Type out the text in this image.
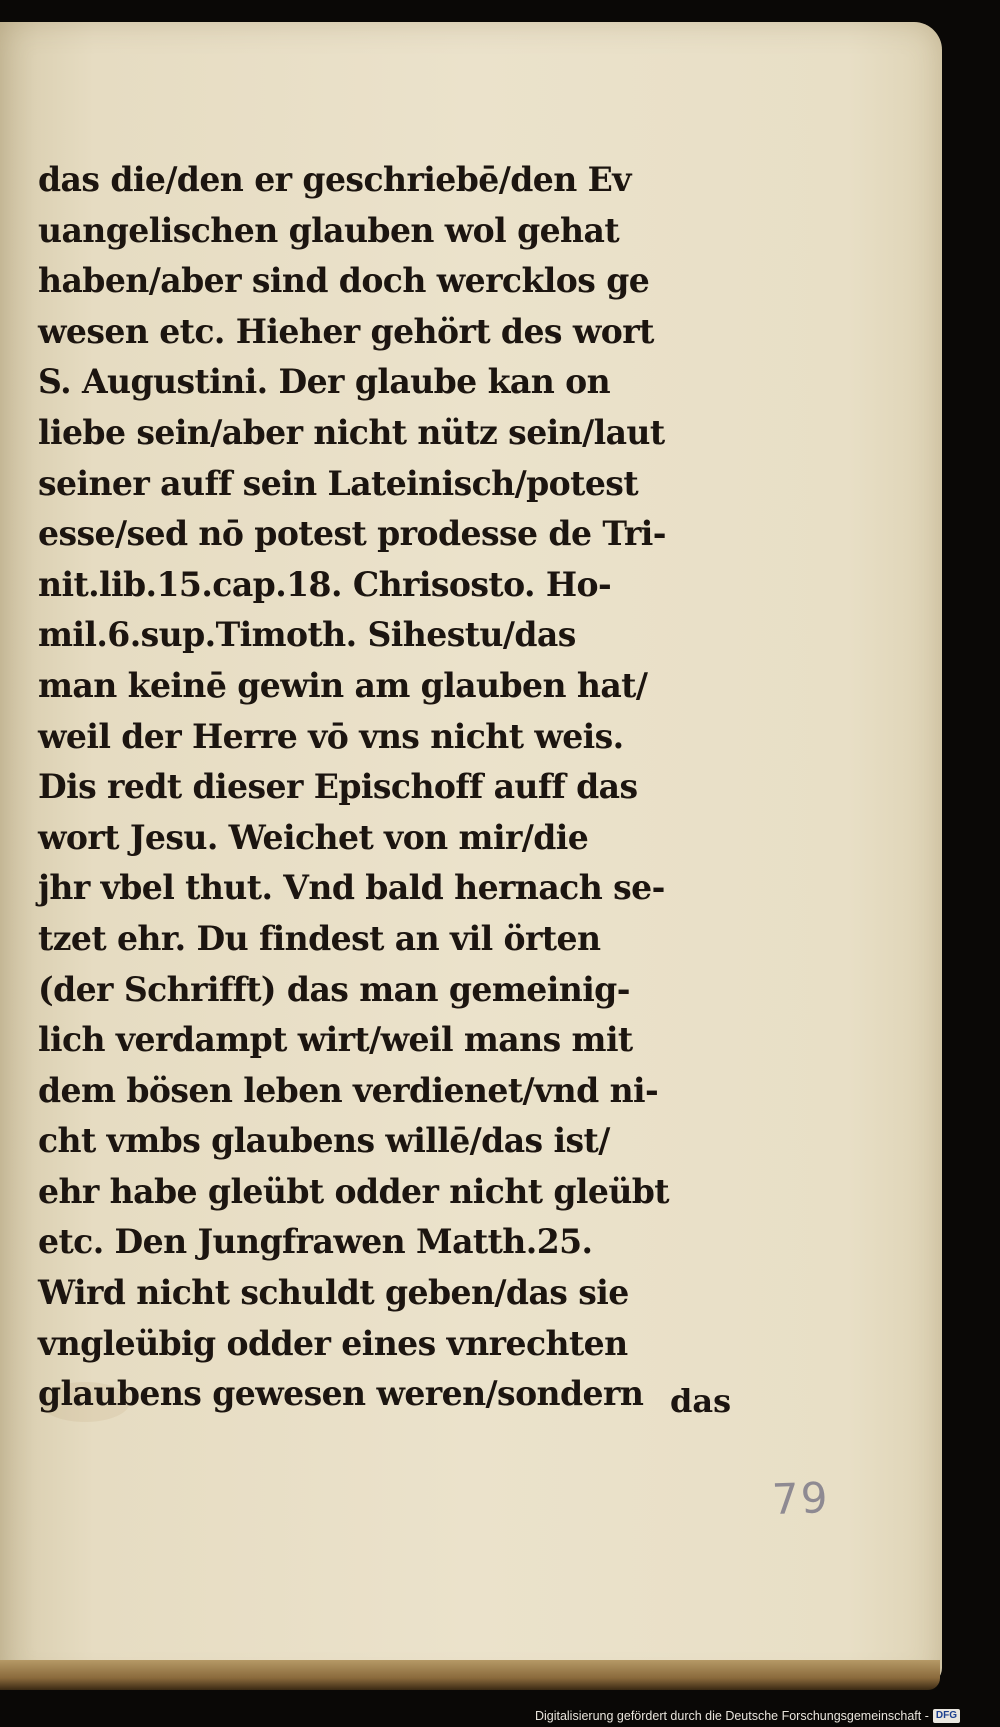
das die/den er geschriebē/den Ev
uangelischen glauben wol gehat
haben/aber sind doch wercklos ge
wesen etc. Hieher gehört des wort
S. Augustini. Der glaube kan on
liebe sein/aber nicht nütz sein/laut
seiner auff sein Lateinisch/potest
esse/sed nō potest prodesse de Tri-
nit.lib.15.cap.18. Chrisosto. Ho-
mil.6.sup.Timoth. Sihestu/das
man keinē gewin am glauben hat/
weil der Herre vō vns nicht weis.
Dis redt dieser Epischoff auff das
wort Jesu. Weichet von mir/die
jhr vbel thut. Vnd bald hernach se-
tzet ehr. Du findest an vil örten
(der Schrifft) das man gemeinig-
lich verdampt wirt/weil mans mit
dem bösen leben verdienet/vnd ni-
cht vmbs glaubens willē/das ist/
ehr habe gleübt odder nicht gleübt
etc. Den Jungfrawen Matth.25.
Wird nicht schuldt geben/das sie
vngleübig odder eines vnrechten
glaubens gewesen weren/sondern das
79
Digitalisierung gefördert durch die Deutsche Forschungsgemeinschaft - DFG
